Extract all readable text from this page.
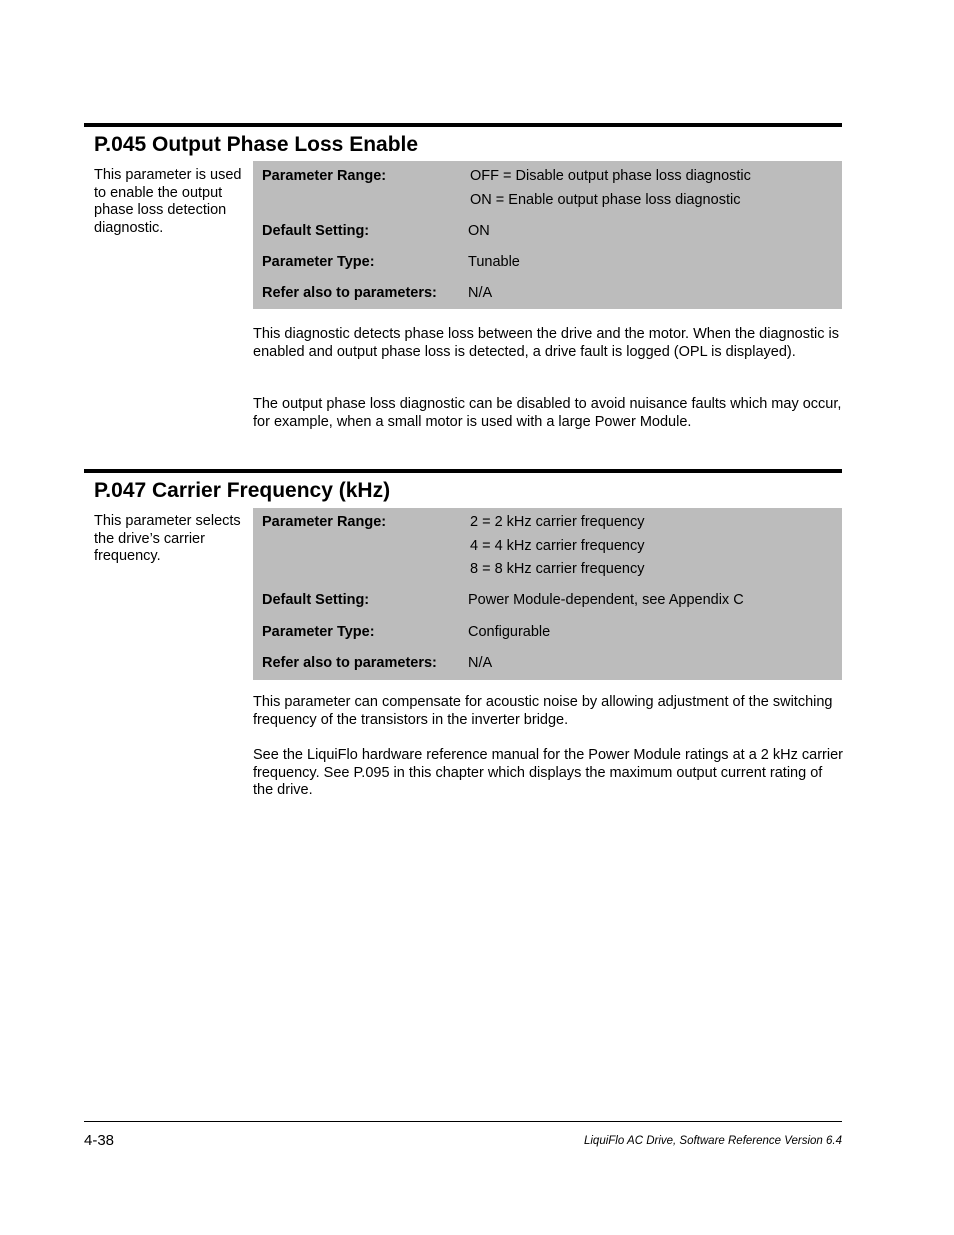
P.045 Output Phase Loss Enable
This parameter is used to enable the output phase loss detection diagnostic.
Parameter Range:	OFF = Disable output phase loss diagnostic
ON = Enable output phase loss diagnostic
Default Setting:	ON
Parameter Type:	Tunable
Refer also to parameters: N/A
This diagnostic detects phase loss between the drive and the motor. When the diagnostic is enabled and output phase loss is detected, a drive fault is logged (OPL is displayed).
The output phase loss diagnostic can be disabled to avoid nuisance faults which may occur, for example, when a small motor is used with a large Power Module.
P.047 Carrier Frequency (kHz)
This parameter selects the drive’s carrier frequency.
Parameter Range:	2 = 2 kHz carrier frequency
4 = 4 kHz carrier frequency
8 = 8 kHz carrier frequency
Default Setting:	Power Module-dependent, see Appendix C
Parameter Type:	Configurable
Refer also to parameters: N/A
This parameter can compensate for acoustic noise by allowing adjustment of the switching frequency of the transistors in the inverter bridge.
See the LiquiFlo hardware reference manual for the Power Module ratings at a 2 kHz carrier frequency. See P.095 in this chapter which displays the maximum output current rating of the drive.
4-38	LiquiFlo AC Drive, Software Reference Version 6.4
